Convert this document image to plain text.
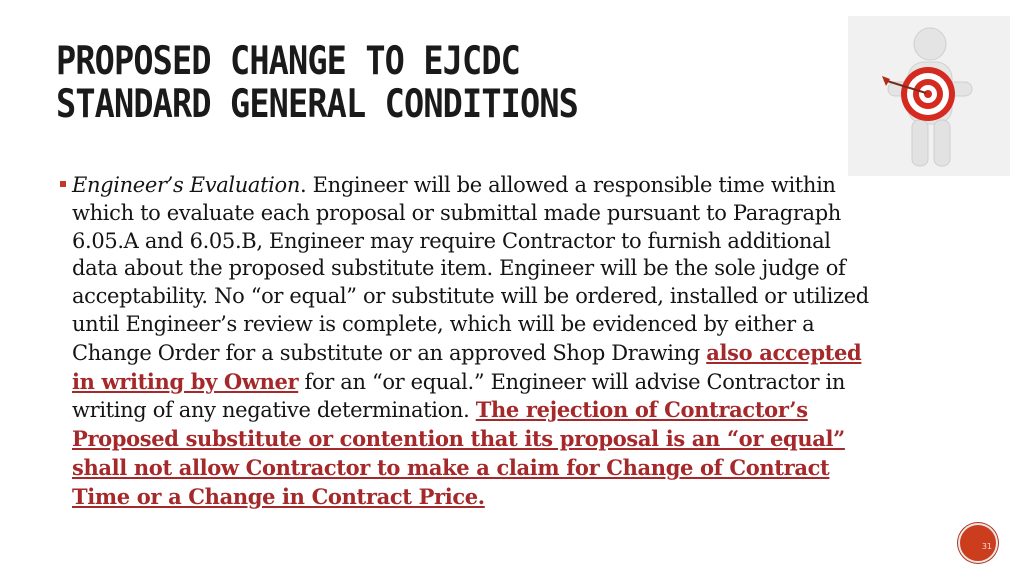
PROPOSED CHANGE TO EJCDC
STANDARD GENERAL CONDITIONS
Engineer’s Evaluation. Engineer will be allowed a responsible time within which to evaluate each proposal or submittal made pursuant to Paragraph 6.05.A and 6.05.B, Engineer may require Contractor to furnish additional data about the proposed substitute item. Engineer will be the sole judge of acceptability. No “or equal” or substitute will be ordered, installed or utilized until Engineer’s review is complete, which will be evidenced by either a Change Order for a substitute or an approved Shop Drawing also accepted in writing by Owner for an “or equal.” Engineer will advise Contractor in writing of any negative determination. The rejection of Contractor’s Proposed substitute or contention that its proposal is an “or equal” shall not allow Contractor to make a claim for Change of Contract Time or a Change in Contract Price.
31
